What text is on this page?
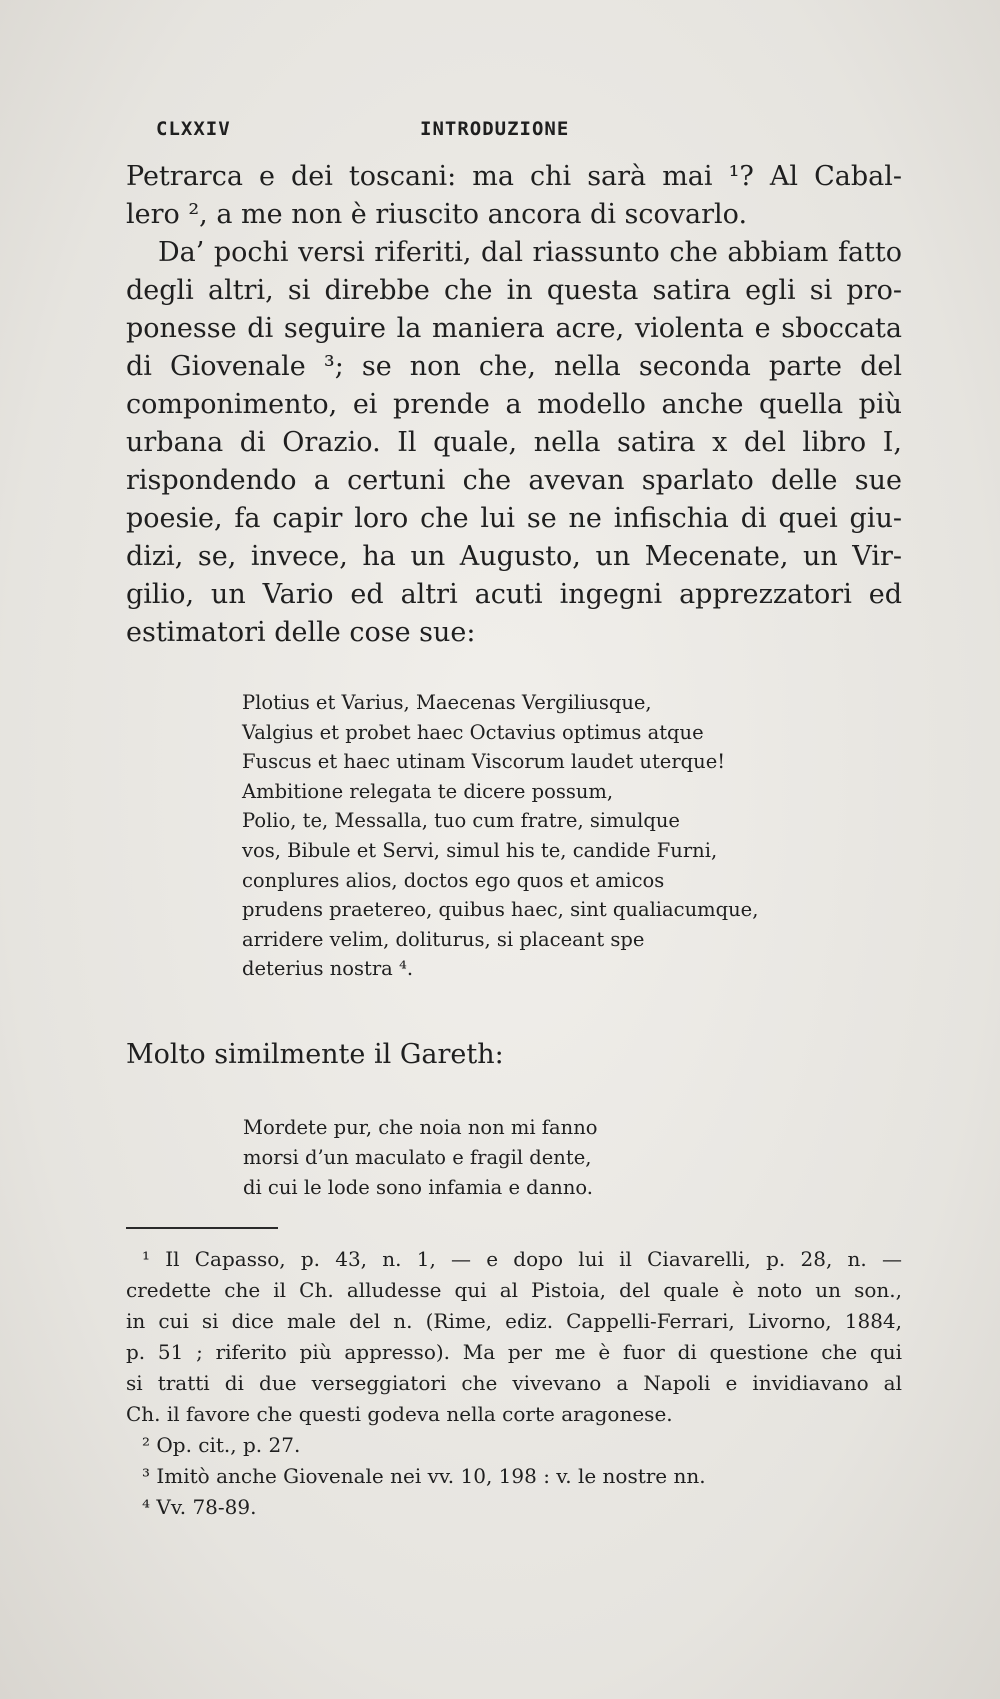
CLXXIV	INTRODUZIONE
Petrarca e dei toscani: ma chi sarà mai ¹? Al Cabal-
lero ², a me non è riuscito ancora di scovarlo.
Da’ pochi versi riferiti, dal riassunto che abbiam fatto
degli altri, si direbbe che in questa satira egli si pro-
ponesse di seguire la maniera acre, violenta e sboccata
di Giovenale ³; se non che, nella seconda parte del
componimento, ei prende a modello anche quella più
urbana di Orazio. Il quale, nella satira x del libro I,
rispondendo a certuni che avevan sparlato delle sue
poesie, fa capir loro che lui se ne infischia di quei giu-
dizi, se, invece, ha un Augusto, un Mecenate, un Vir-
gilio, un Vario ed altri acuti ingegni apprezzatori ed
estimatori delle cose sue:
Plotius et Varius, Maecenas Vergiliusque,
Valgius et probet haec Octavius optimus atque
Fuscus et haec utinam Viscorum laudet uterque!
Ambitione relegata te dicere possum,
Polio, te, Messalla, tuo cum fratre, simulque
vos, Bibule et Servi, simul his te, candide Furni,
conplures alios, doctos ego quos et amicos
prudens praetereo, quibus haec, sint qualiacumque,
arridere velim, doliturus, si placeant spe
deterius nostra ⁴.
Molto similmente il Gareth:
Mordete pur, che noia non mi fanno
morsi d’un maculato e fragil dente,
di cui le lode sono infamia e danno.
¹ Il Capasso, p. 43, n. 1, — e dopo lui il Ciavarelli, p. 28, n. —
credette che il Ch. alludesse qui al Pistoia, del quale è noto un son.,
in cui si dice male del n. (Rime, ediz. Cappelli-Ferrari, Livorno, 1884,
p. 51 ; riferito più appresso). Ma per me è fuor di questione che qui
si tratti di due verseggiatori che vivevano a Napoli e invidiavano al
Ch. il favore che questi godeva nella corte aragonese.
² Op. cit., p. 27.
³ Imitò anche Giovenale nei vv. 10, 198 : v. le nostre nn.
⁴ Vv. 78-89.
